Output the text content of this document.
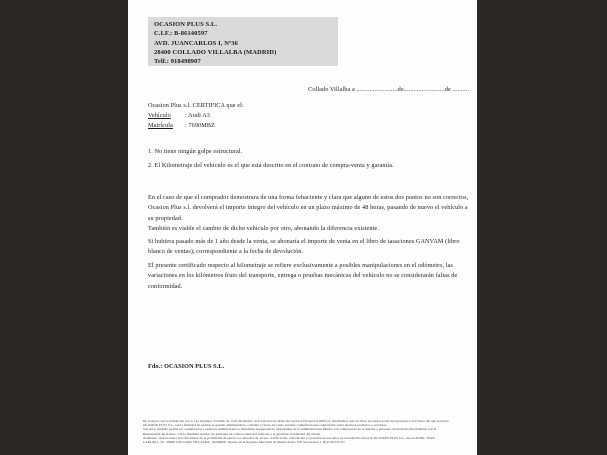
OCASION PLUS S.L.
C.I.F.: B-86140597
AVD. JUANCARLOS I, Nº36
28400 COLLADO VILLALBA (MADRID)
Telf.: 918498907
Collado Villalba a .........................de.........................de ..........
Ocasion Plus s.l. CERTIFICA que el:
Vehículo : Audi A3
Matrícula : 7690MBZ
1. No tiene ningún golpe estructural.
2. El Kilometraje del vehículo es el que está descrito en el contrato de compra-venta y garantía.

En el caso de que el comprador demostrara de una forma fehaciente y clara que alguno de estos dos puntos no son correctos, Ocasion Plus s.l. devolverá el importe íntegro del vehículo en un plazo máximo de 48 horas, pasando de nuevo el vehículo a su propiedad.

También es viable el cambio de dicho vehículo por otro, abonando la diferencia existente.

Si hubiera pasado más de 1 año desde la venta, se abonaría el importe de venta en el libro de tasaciones GANVAM (libro blanco de ventas), correspondiente a la fecha de devolución.

El presente certificado respecto al kilometraje se refiere exclusivamente a posibles manipulaciones en el odómetro, las variaciones en los kilómetros fruto del transporte, entrega o pruebas mecánicas del vehículo no se considerarán faltas de conformidad.

Fdo.: OCASION PLUS S.L.
De acuerdo con lo establecido por la Ley Orgánica 15/1999, de 13 de diciembre, de Protección de Datos de Carácter Personal (LOPD), le informamos que los datos aportados serán incorporados a un fichero del que es titular
OCASIÓN PLUS S.L. con la finalidad de realizar la gestión administrativa, contable y fiscal, así como enviarle comunicaciones comerciales sobre nuestros productos y servicios.
Sus datos también podrán ser comunicados a Gestores Administrativos, Entidades Aseguradoras, Organismos de la Administración Pública con competencia en la materia y personas relacionadas directamente con el
Responsable del fichero, con la finalidad realizar las gestiones de compra venta del vehículo y el gestionar la fidelidad del cliente.
Asimismo, declara haber sido informado de la posibilidad de ejercer los derechos de acceso, rectificación, cancelación y oposición de sus datos en el domicilio fiscal de OCASIÓN PLUS S.L. sito en AVDA. JUAN
CARLOS I, 36 - 28400 COLLADO VILLALBA - MADRID. Inscrita en el Registro Mercantil de Madrid Tomo 128, Inscripción 1, Hoja M-531731
